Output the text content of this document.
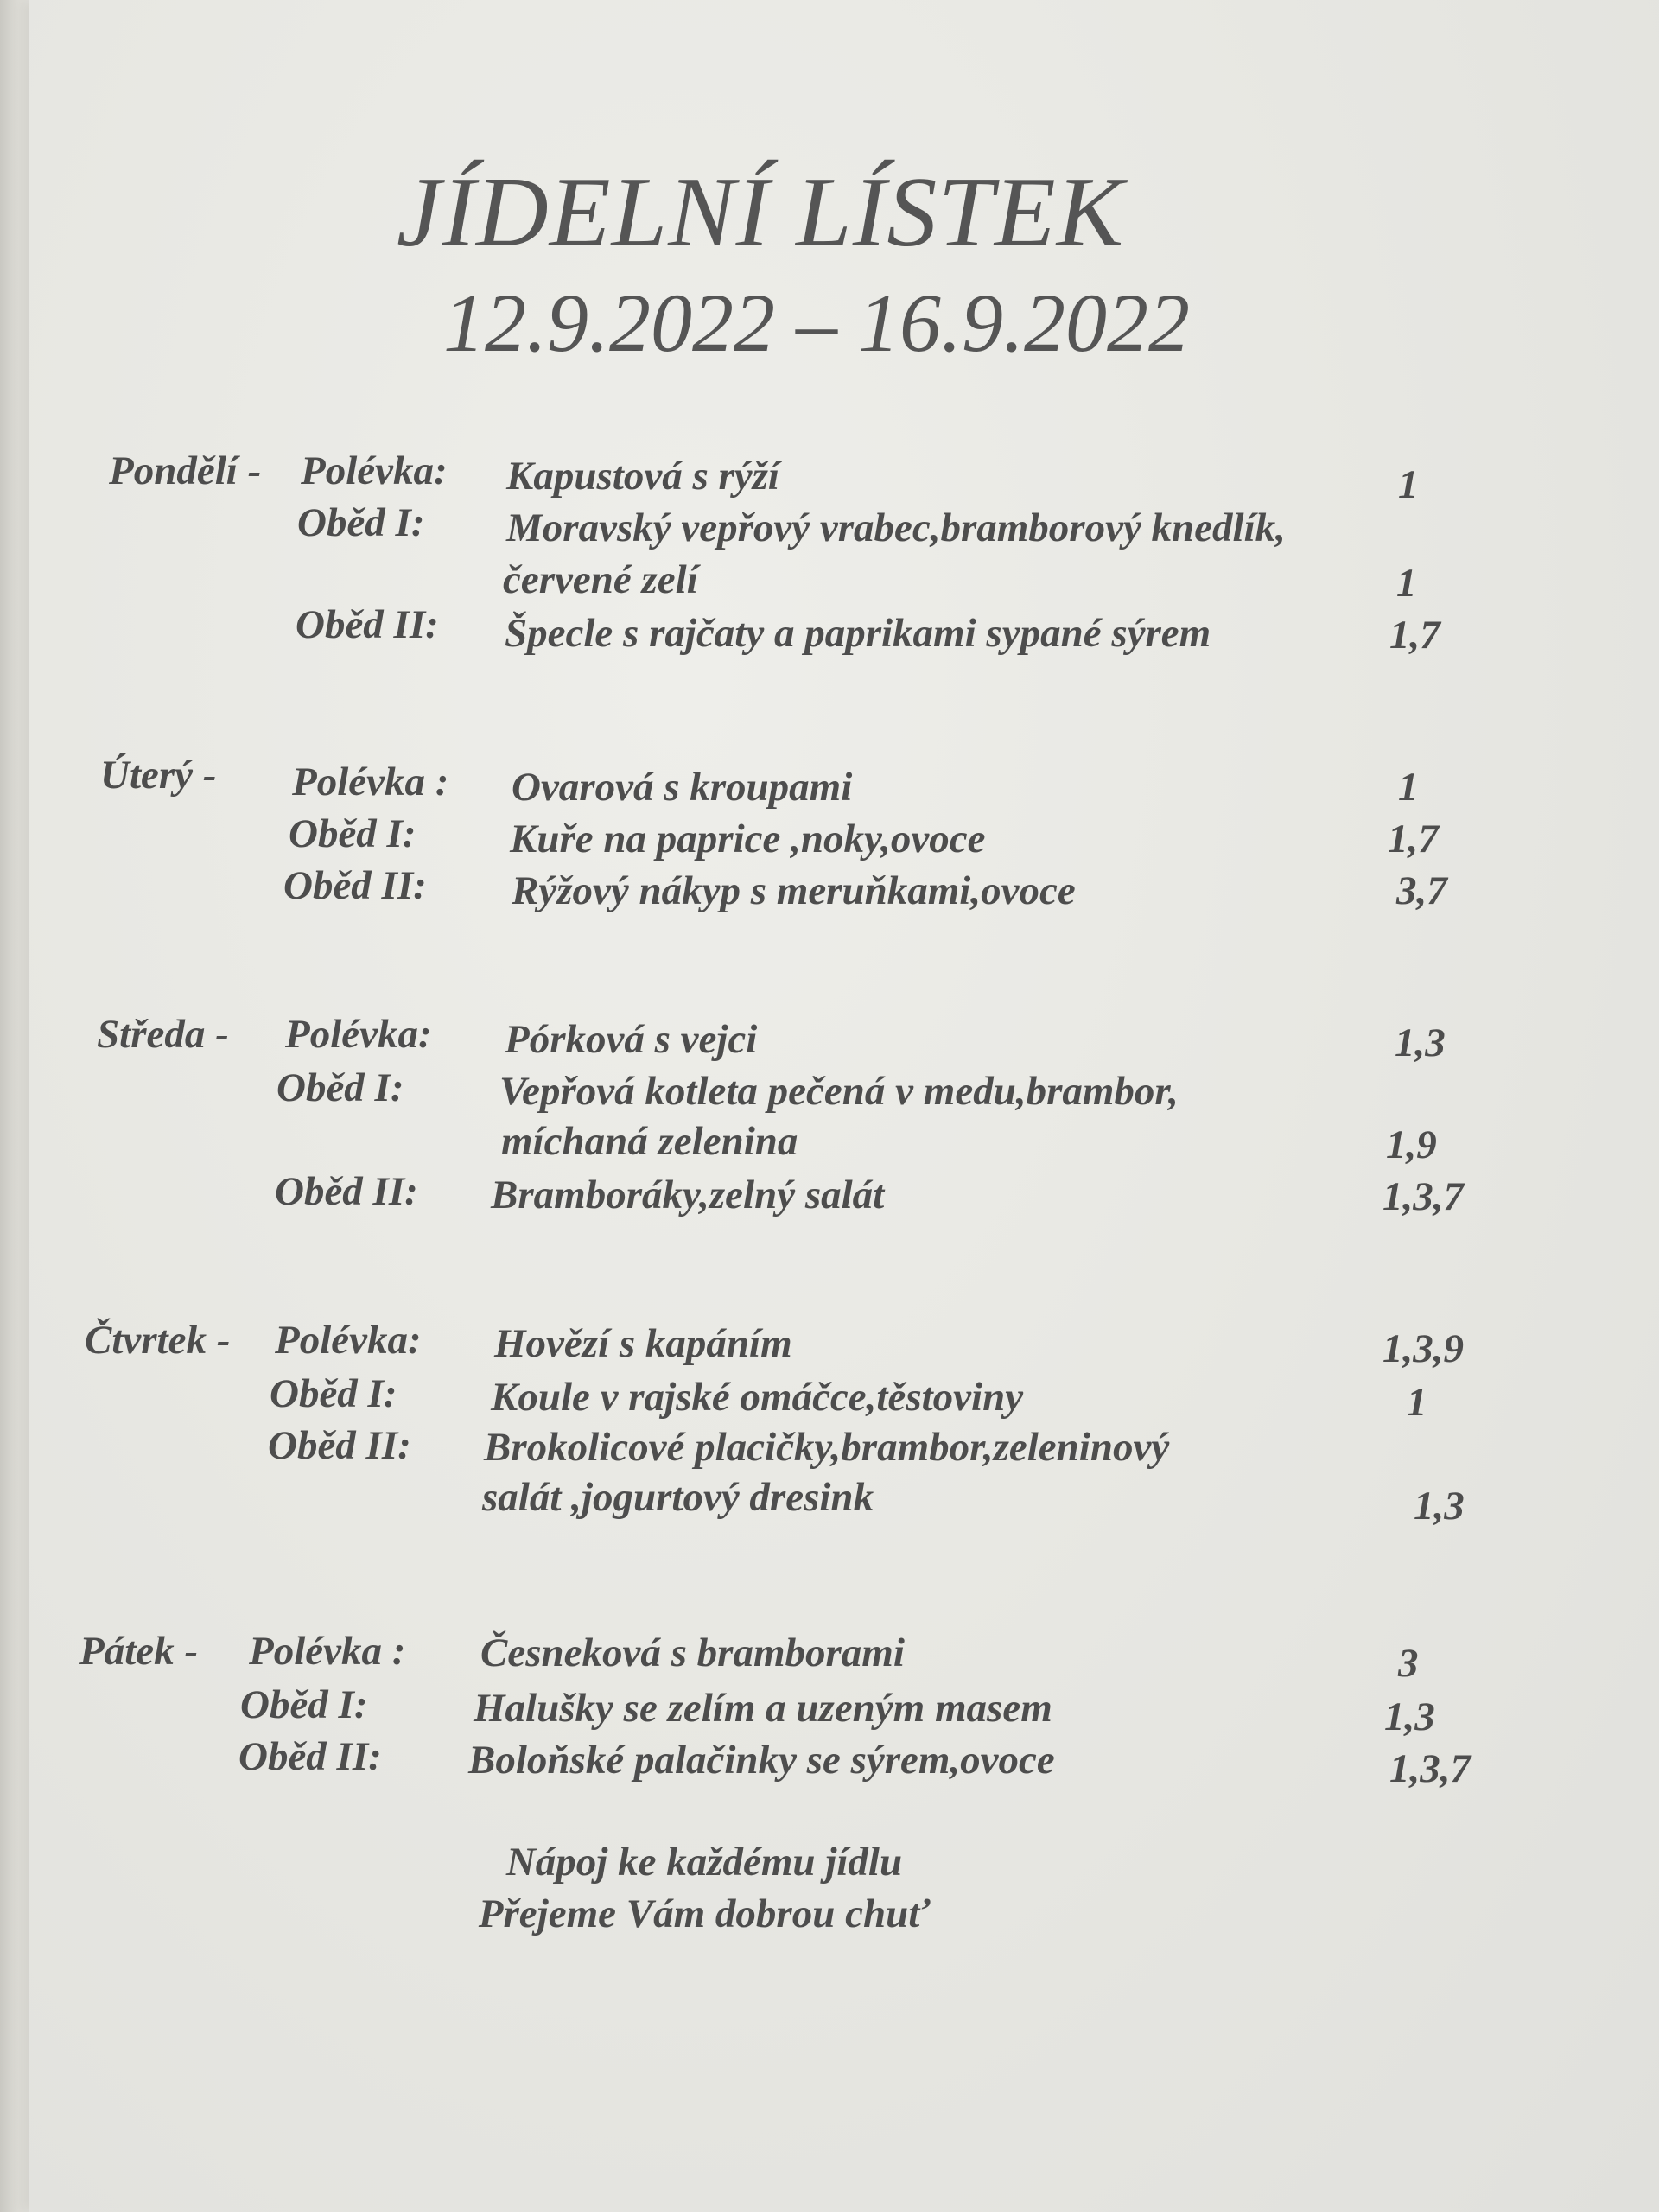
JÍDELNÍ LÍSTEK
12.9.2022 – 16.9.2022
Pondělí - Polévka: Kapustová s rýží	1
Oběd I: Moravský vepřový vrabec,bramborový knedlík,
červené zelí	1
Oběd II: Špecle s rajčaty a paprikami sypané sýrem	1,7
Úterý - Polévka : Ovarová s kroupami	1
Oběd I: Kuře na paprice ,noky,ovoce	1,7
Oběd II: Rýžový nákyp s meruňkami,ovoce	3,7
Středa - Polévka: Pórková s vejci	1,3
Oběd I: Vepřová kotleta pečená v medu,brambor,
míchaná zelenina	1,9
Oběd II: Bramboráky,zelný salát	1,3,7
Čtvrtek - Polévka: Hovězí s kapáním	1,3,9
Oběd I: Koule v rajské omáčce,těstoviny	1
Oběd II: Brokolicové placičky,brambor,zeleninový
salát ,jogurtový dresink	1,3
Pátek - Polévka : Česneková s bramborami	3
Oběd I:	Halušky se zelím a uzeným masem	1,3
Oběd II: Boloňské palačinky se sýrem,ovoce	1,3,7
Nápoj ke každému jídlu
Přejeme Vám dobrou chuť
